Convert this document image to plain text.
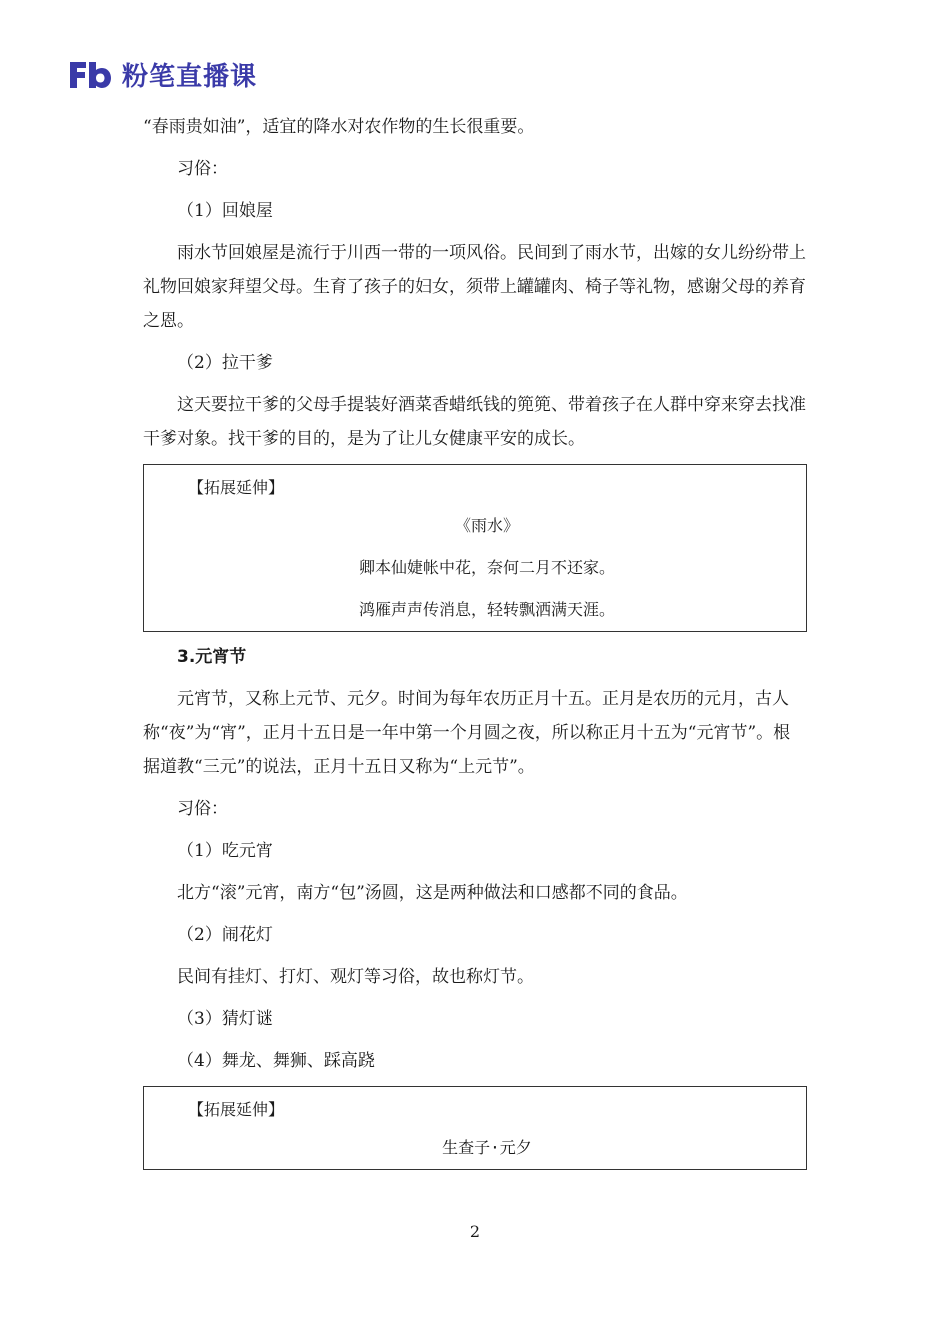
粉笔直播课

“春雨贵如油”，适宜的降水对农作物的生长很重要。

习俗：

（1）回娘屋

雨水节回娘屋是流行于川西一带的一项风俗。民间到了雨水节，出嫁的女儿纷纷带上礼物回娘家拜望父母。生育了孩子的妇女，须带上罐罐肉、椅子等礼物，感谢父母的养育之恩。

（2）拉干爹

这天要拉干爹的父母手提装好酒菜香蜡纸钱的篼篼、带着孩子在人群中穿来穿去找准干爹对象。找干爹的目的，是为了让儿女健康平安的成长。

【拓展延伸】
《雨水》
卿本仙婕帐中花，奈何二月不还家。
鸿雁声声传消息，轻转飘洒满天涯。
3.元宵节

元宵节，又称上元节、元夕。时间为每年农历正月十五。正月是农历的元月，古人称“夜”为“宵”，正月十五日是一年中第一个月圆之夜，所以称正月十五为“元宵节”。根据道教“三元”的说法，正月十五日又称为“上元节”。

习俗：

（1）吃元宵

北方“滚”元宵，南方“包”汤圆，这是两种做法和口感都不同的食品。

（2）闹花灯

民间有挂灯、打灯、观灯等习俗，故也称灯节。

（3）猜灯谜

（4）舞龙、舞狮、踩高跷

【拓展延伸】
生查子·元夕
2
